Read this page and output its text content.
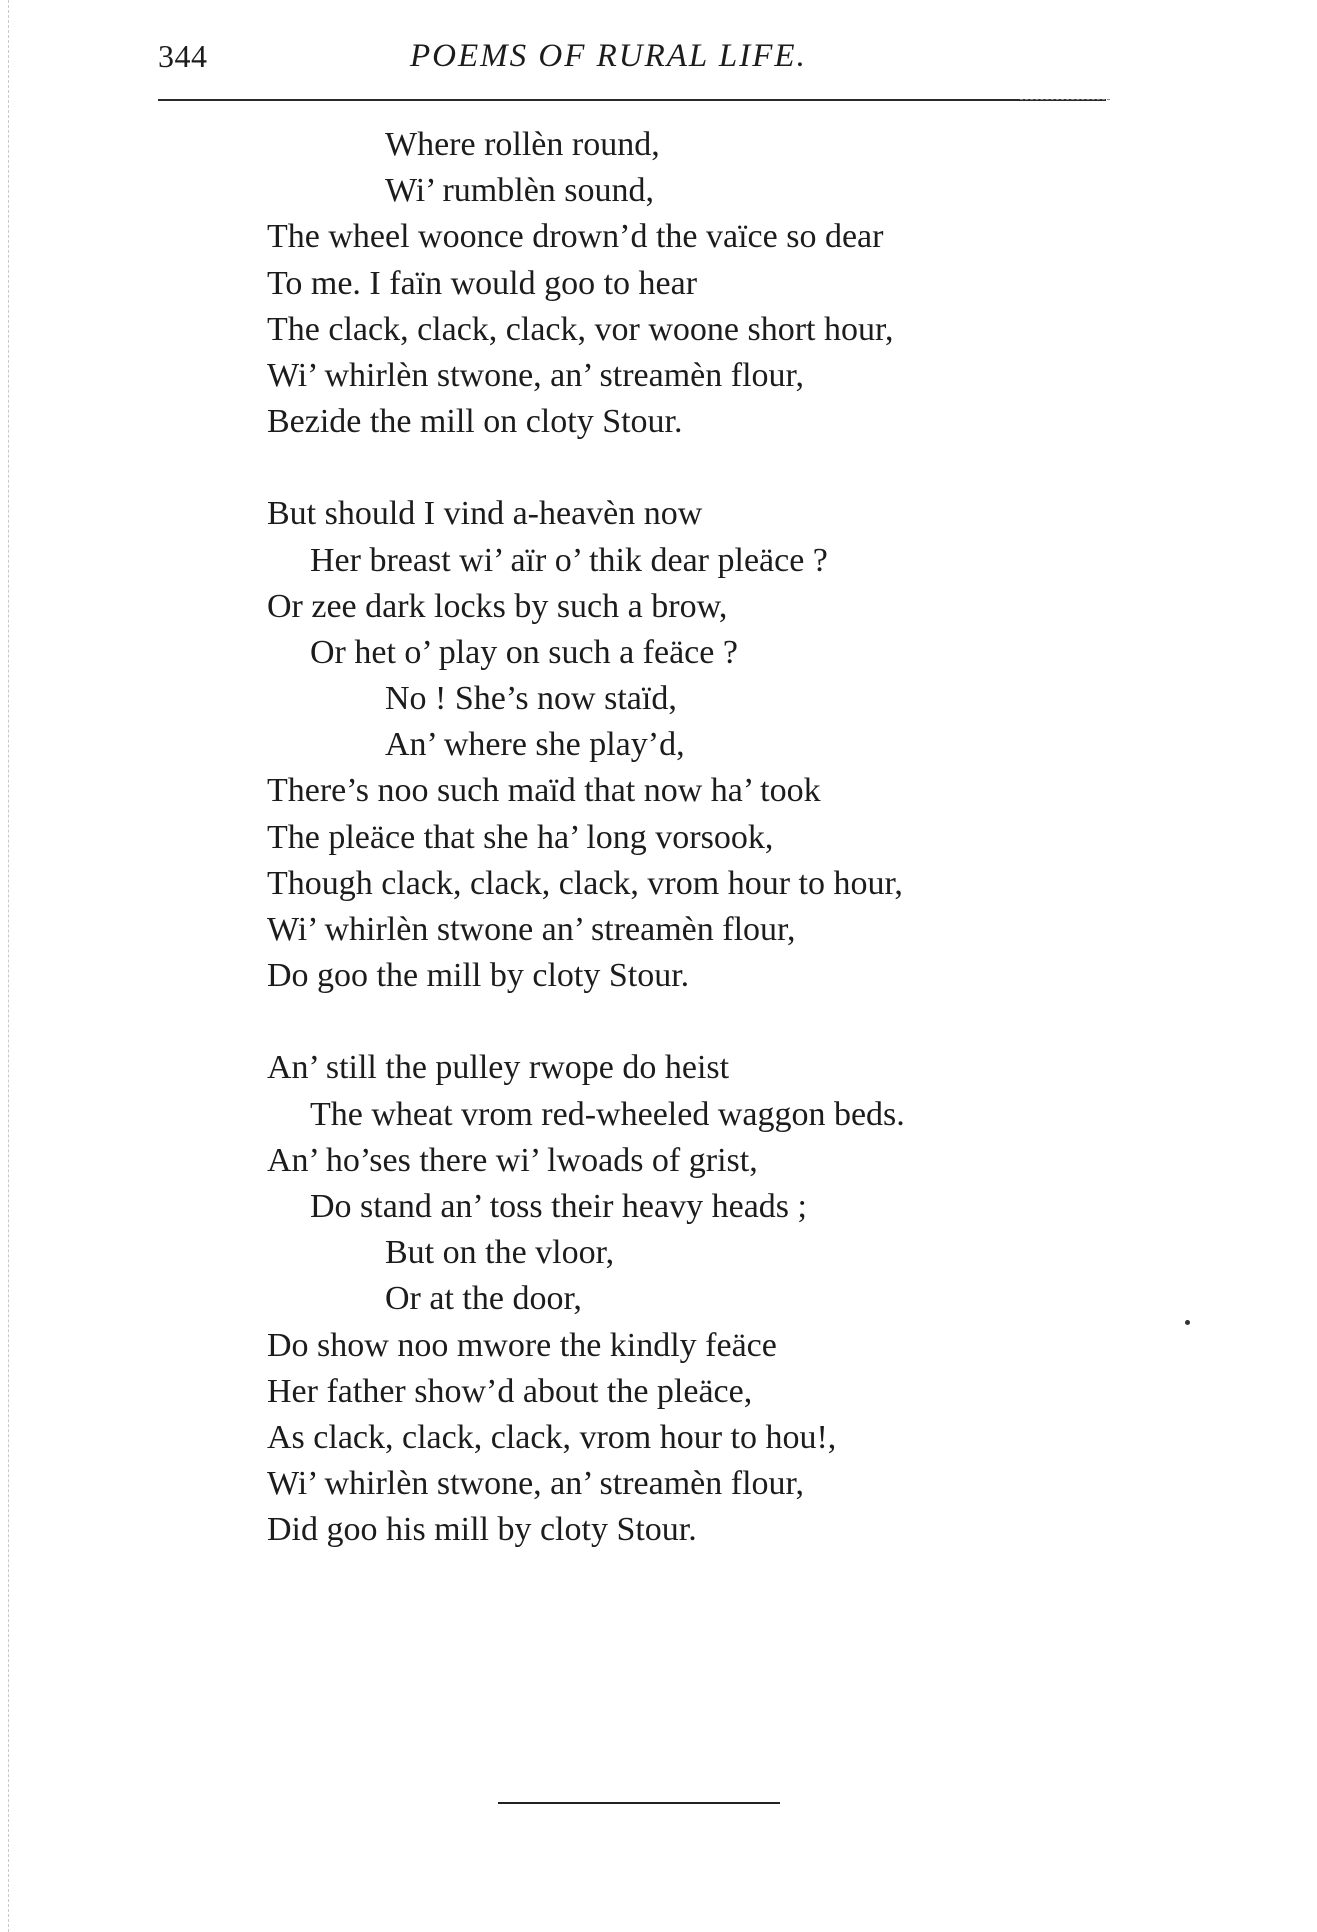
344	POEMS OF RURAL LIFE.
Where rollèn round,
Wi’ rumblèn sound,
The wheel woonce drown’d the vaïce so dear
To me. I faïn would goo to hear
The clack, clack, clack, vor woone short hour,
Wi’ whirlèn stwone, an’ streamèn flour,
Bezide the mill on cloty Stour.
But should I vind a-heavèn now
Her breast wi’ aïr o’ thik dear pleäce ?
Or zee dark locks by such a brow,
Or het o’ play on such a feäce ?
No ! She’s now staïd,
An’ where she play’d,
There’s noo such maïd that now ha’ took
The pleäce that she ha’ long vorsook,
Though clack, clack, clack, vrom hour to hour,
Wi’ whirlèn stwone an’ streamèn flour,
Do goo the mill by cloty Stour.
An’ still the pulley rwope do heist
The wheat vrom red-wheeled waggon beds.
An’ ho’ses there wi’ lwoads of grist,
Do stand an’ toss their heavy heads ;
But on the vloor,
Or at the door,
Do show noo mwore the kindly feäce
Her father show’d about the pleäce,
As clack, clack, clack, vrom hour to hou!,
Wi’ whirlèn stwone, an’ streamèn flour,
Did goo his mill by cloty Stour.
